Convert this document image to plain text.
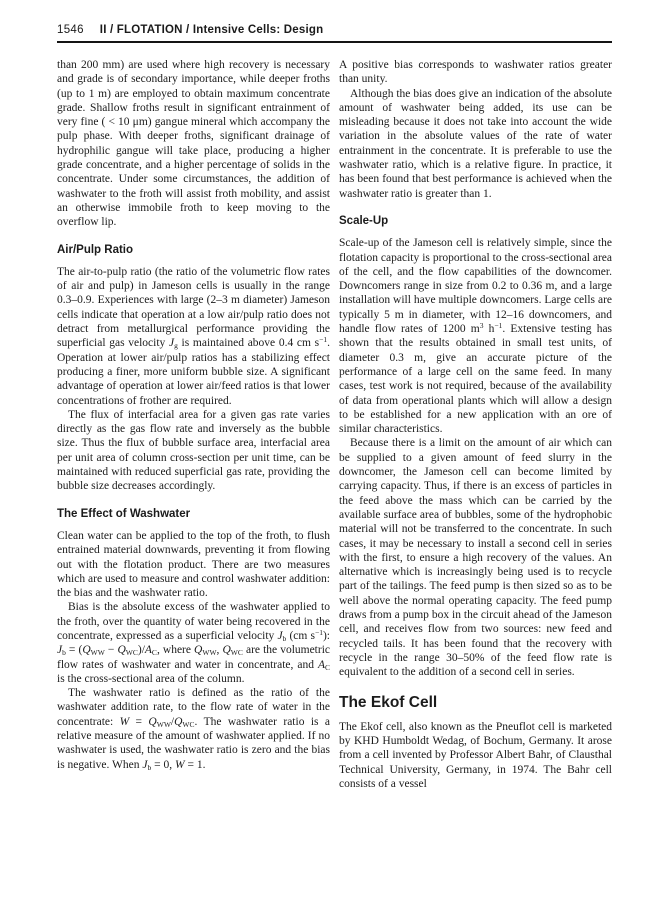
1546 II / FLOTATION / Intensive Cells: Design

than 200 mm) are used where high recovery is necessary and grade is of secondary importance, while deeper froths (up to 1 m) are employed to obtain maximum concentrate grade. Shallow froths result in significant entrainment of very fine ( < 10 μm) gangue mineral which accompany the pulp phase. With deeper froths, significant drainage of hydrophilic gangue will take place, producing a higher grade concentrate, and a higher percentage of solids in the concentrate. Under some circumstances, the addition of washwater to the froth will assist froth mobility, and assist an otherwise immobile froth to keep moving to the overflow lip.

Air/Pulp Ratio

The air-to-pulp ratio (the ratio of the volumetric flow rates of air and pulp) in Jameson cells is usually in the range 0.3–0.9. Experiences with large (2–3 m diameter) Jameson cells indicate that operation at a low air/pulp ratio does not detract from metallurgical performance providing the superficial gas velocity $J_g$ is maintained above 0.4 cm $s^{-1}$. Operation at lower air/pulp ratios has a stabilizing effect producing a finer, more uniform bubble size. A significant advantage of operation at lower air/feed ratios is that lower concentrations of frother are required.

The flux of interfacial area for a given gas rate varies directly as the gas flow rate and inversely as the bubble size. Thus the flux of bubble surface area, interfacial area per unit area of column cross-section per unit time, can be maintained with reduced superficial gas rate, providing the bubble size decreases accordingly.

The Effect of Washwater

Clean water can be applied to the top of the froth, to flush entrained material downwards, preventing it from flowing out with the flotation product. There are two measures which are used to measure and control washwater addition: the bias and the washwater ratio.

Bias is the absolute excess of the washwater applied to the froth, over the quantity of water being recovered in the concentrate, expressed as a superficial velocity $J_b$ (cm $s^{-1}$): $J_b = (Q_{WW} - Q_{WC})/A_C$, where $Q_{WW}$, $Q_{WC}$ are the volumetric flow rates of washwater and water in concentrate, and $A_C$ is the cross-sectional area of the column.

The washwater ratio is defined as the ratio of the washwater addition rate, to the flow rate of water in the concentrate: $W = Q_{WW}/Q_{WC}$. The washwater ratio is a relative measure of the amount of washwater applied. If no washwater is used, the washwater ratio is zero and the bias is negative. When $J_b = 0$, W = 1.

A positive bias corresponds to washwater ratios greater than unity.

Although the bias does give an indication of the absolute amount of washwater being added, its use can be misleading because it does not take into account the wide variation in the absolute values of the rate of water entrainment in the concentrate. It is preferable to use the washwater ratio, which is a relative figure. In practice, it has been found that best performance is achieved when the washwater ratio is greater than 1.

Scale-Up

Scale-up of the Jameson cell is relatively simple, since the flotation capacity is proportional to the cross-sectional area of the cell, and the flow capabilities of the downcomer. Downcomers range in size from 0.2 to 0.36 m, and a large installation will have multiple downcomers. Large cells are typically 5 m in diameter, with 12–16 downcomers, and handle flow rates of 1200 $m^3$ $h^{-1}$. Extensive testing has shown that the results obtained in small test units, of diameter 0.3 m, give an accurate picture of the performance of a large cell on the same feed. In many cases, test work is not required, because of the availability of data from operational plants which will allow a design to be established for a new application with an ore of similar characteristics.

Because there is a limit on the amount of air which can be supplied to a given amount of feed slurry in the downcomer, the Jameson cell can become limited by carrying capacity. Thus, if there is an excess of particles in the feed above the mass which can be carried by the available surface area of bubbles, some of the hydrophobic material will not be transferred to the concentrate. In such cases, it may be necessary to install a second cell in series with the first, to ensure a high recovery of the values. An alternative which is increasingly being used is to recycle part of the tailings. The feed pump is then sized so as to be well above the normal operating capacity. The feed pump draws from a pump box in the circuit ahead of the Jameson cell, and receives flow from two sources: new feed and recycled tails. It has been found that the recovery with recycle in the range 30–50% of the feed flow rate is equivalent to the addition of a second cell in series.

The Ekof Cell

The Ekof cell, also known as the Pneuflot cell is marketed by KHD Humboldt Wedag, of Bochum, Germany. It arose from a cell invented by Professor Albert Bahr, of Clausthal Technical University, Germany, in 1974. The Bahr cell consists of a vessel
